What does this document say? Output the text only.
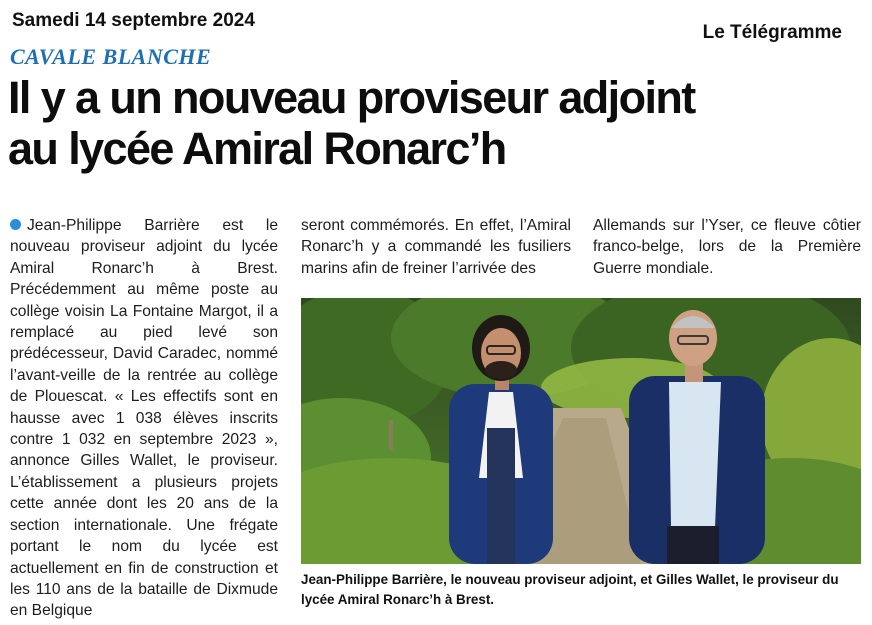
Samedi 14 septembre 2024
Le Télégramme
CAVALE BLANCHE
Il y a un nouveau proviseur adjoint
au lycée Amiral Ronarc’h
Jean-Philippe Barrière est le nouveau proviseur adjoint du lycée Amiral Ronarc’h à Brest. Précédemment au même poste au collège voisin La Fontaine Margot, il a remplacé au pied levé son prédécesseur, David Caradec, nommé l’avant-veille de la rentrée au collège de Plouescat. « Les effectifs sont en hausse avec 1 038 élèves inscrits contre 1 032 en septembre 2023 », annonce Gilles Wallet, le proviseur. L’établissement a plusieurs projets cette année dont les 20 ans de la section internationale. Une frégate portant le nom du lycée est actuellement en fin de construction et les 110 ans de la bataille de Dixmude en Belgique
seront commémorés. En effet, l’Amiral Ronarc’h y a commandé les fusiliers marins afin de freiner l’arrivée des
Allemands sur l’Yser, ce fleuve côtier franco-belge, lors de la Première Guerre mondiale.
Jean-Philippe Barrière, le nouveau proviseur adjoint, et Gilles Wallet, le proviseur du lycée Amiral Ronarc’h à Brest.
